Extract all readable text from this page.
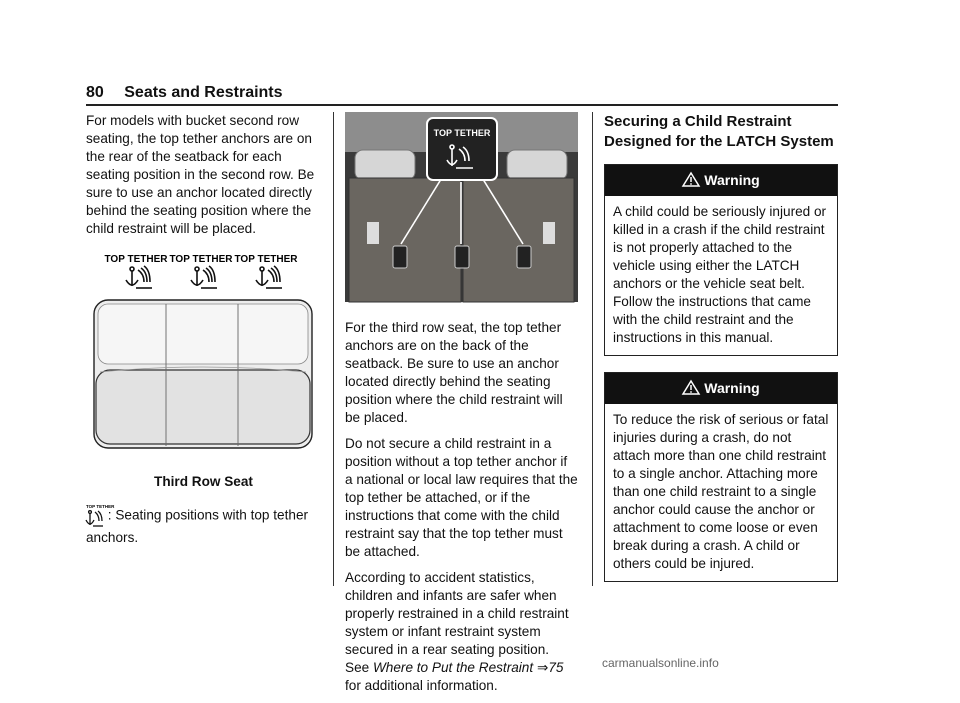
80 Seats and Restraints

For models with bucket second row seating, the top tether anchors are on the rear of the seatback for each seating position in the second row. Be sure to use an anchor located directly behind the seating position where the child restraint will be placed.

TOP TETHER TOP TETHER TOP TETHER
Third Row Seat
TOP TETHER
: Seating positions with top tether anchors.
TOP TETHER

For the third row seat, the top tether anchors are on the back of the seatback. Be sure to use an anchor located directly behind the seating position where the child restraint will be placed.

Do not secure a child restraint in a position without a top tether anchor if a national or local law requires that the top tether be attached, or if the instructions that come with the child restraint say that the top tether must be attached.

According to accident statistics, children and infants are safer when properly restrained in a child restraint system or infant restraint system secured in a rear seating position.

See Where to Put the Restraint ⇒75 for additional information.

Securing a Child Restraint Designed for the LATCH System
Warning
A child could be seriously injured or killed in a crash if the child restraint is not properly attached to the vehicle using either the LATCH anchors or the vehicle seat belt. Follow the instructions that came with the child restraint and the instructions in this manual.
Warning
To reduce the risk of serious or fatal injuries during a crash, do not attach more than one child restraint to a single anchor. Attaching more than one child restraint to a single anchor could cause the anchor or attachment to come loose or even break during a crash. A child or others could be injured.
carmanualsonline.info
